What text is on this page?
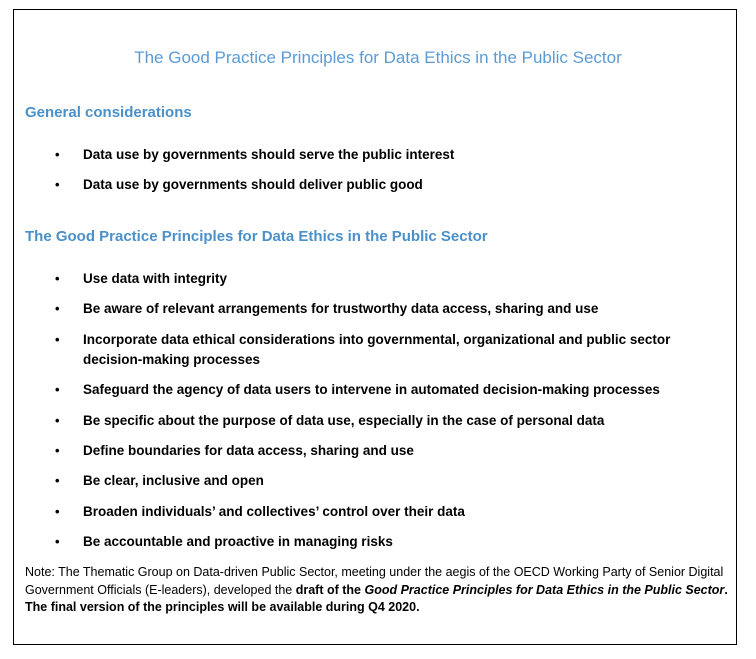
The Good Practice Principles for Data Ethics in the Public Sector
General considerations
• Data use by governments should serve the public interest
• Data use by governments should deliver public good
The Good Practice Principles for Data Ethics in the Public Sector
• Use data with integrity
• Be aware of relevant arrangements for trustworthy data access, sharing and use
• Incorporate data ethical considerations into governmental, organizational and public sector decision-making processes
• Safeguard the agency of data users to intervene in automated decision-making processes
• Be specific about the purpose of data use, especially in the case of personal data
• Define boundaries for data access, sharing and use
• Be clear, inclusive and open
• Broaden individuals’ and collectives’ control over their data
• Be accountable and proactive in managing risks
Note: The Thematic Group on Data-driven Public Sector, meeting under the aegis of the OECD Working Party of Senior Digital Government Officials (E-leaders), developed the draft of the Good Practice Principles for Data Ethics in the Public Sector. The final version of the principles will be available during Q4 2020.
